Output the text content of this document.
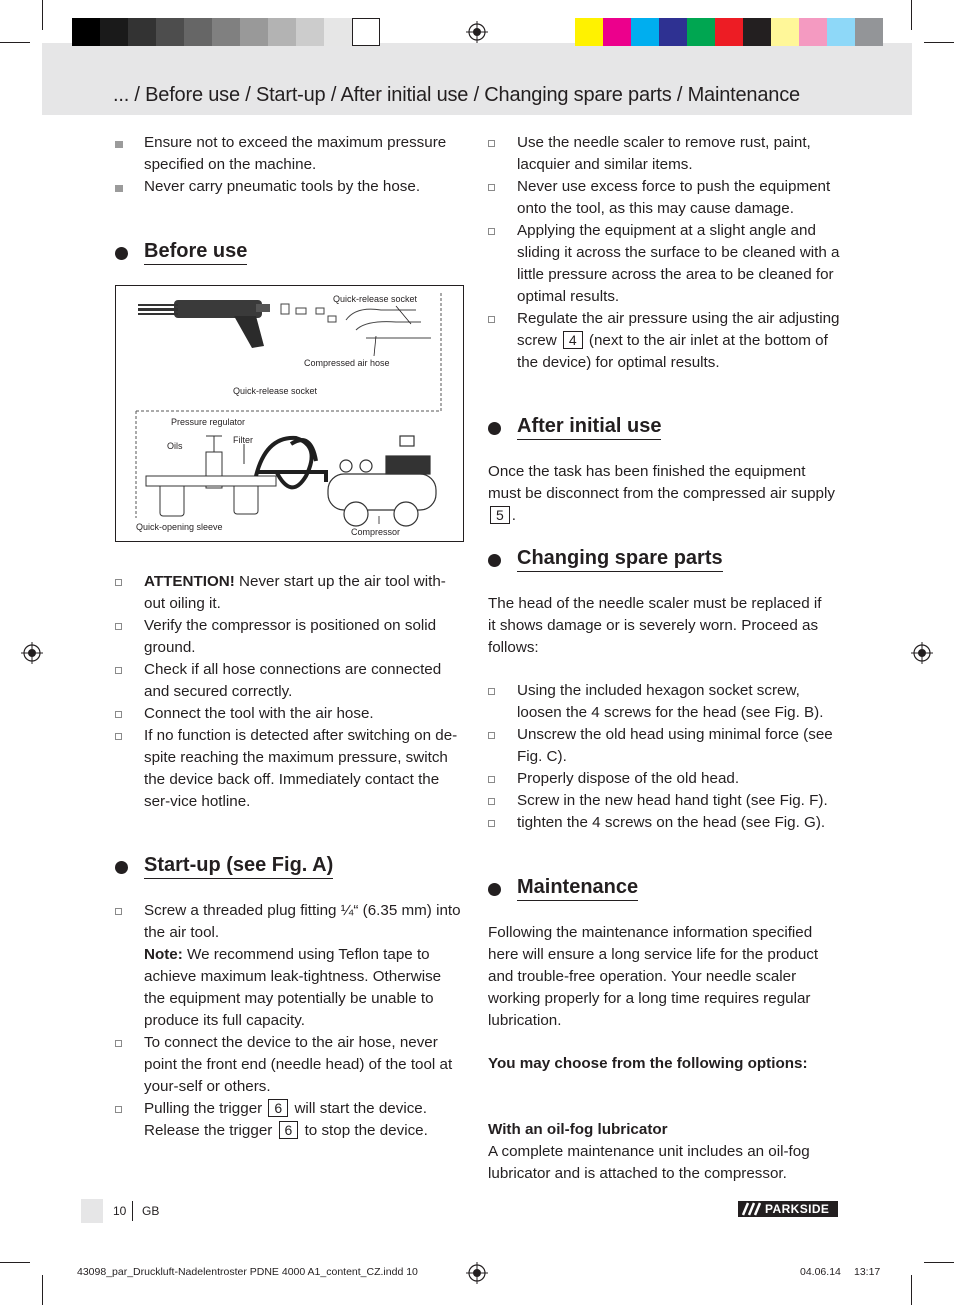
... / Before use / Start-up / After initial use / Changing spare parts / Maintenance
Ensure not to exceed the maximum pressure specified on the machine.
Never carry pneumatic tools by the hose.
Before use
Quick-release socket
Compressed air hose
Quick-release socket
Pressure regulator
Filter
Oils
Quick-opening sleeve	Compressor
ATTENTION! Never start up the air tool with-out oiling it.
Verify the compressor is positioned on solid ground.
Check if all hose connections are connected and secured correctly.
Connect the tool with the air hose.
If no function is detected after switching on de-spite reaching the maximum pressure, switch the device back off. Immediately contact the ser-vice hotline.
Start-up (see Fig. A)
Screw a threaded plug fitting ¼“ (6.35 mm) into the air tool.
Note: We recommend using Teflon tape to achieve maximum leak-tightness. Otherwise the equipment may potentially be unable to produce its full capacity.
To connect the device to the air hose, never point the front end (needle head) of the tool at your-self or others.
Pulling the trigger 6 will start the device. Release the trigger 6 to stop the device.
Use the needle scaler to remove rust, paint, lacquier and similar items.
Never use excess force to push the equipment onto the tool, as this may cause damage.
Applying the equipment at a slight angle and sliding it across the surface to be cleaned with a little pressure across the area to be cleaned for optimal results.
Regulate the air pressure using the air adjusting screw 4 (next to the air inlet at the bottom of the device) for optimal results.
After initial use
Once the task has been finished the equipment must be disconnect from the compressed air supply 5 .
Changing spare parts
The head of the needle scaler must be replaced if it shows damage or is severely worn. Proceed as follows:
Using the included hexagon socket screw, loosen the 4 screws for the head (see Fig. B).
Unscrew the old head using minimal force (see Fig. C).
Properly dispose of the old head.
Screw in the new head hand tight (see Fig. F).
tighten the 4 screws on the head (see Fig. G).
Maintenance
Following the maintenance information specified here will ensure a long service life for the product and trouble-free operation. Your needle scaler working properly for a long time requires regular lubrication.
You may choose from the following options:
With an oil-fog lubricator
A complete maintenance unit includes an oil-fog lubricator and is attached to the compressor.
10 GB	PARKSIDE
43098_par_Druckluft-Nadelentroster PDNE 4000 A1_content_CZ.indd 10	04.06.14 13:17
